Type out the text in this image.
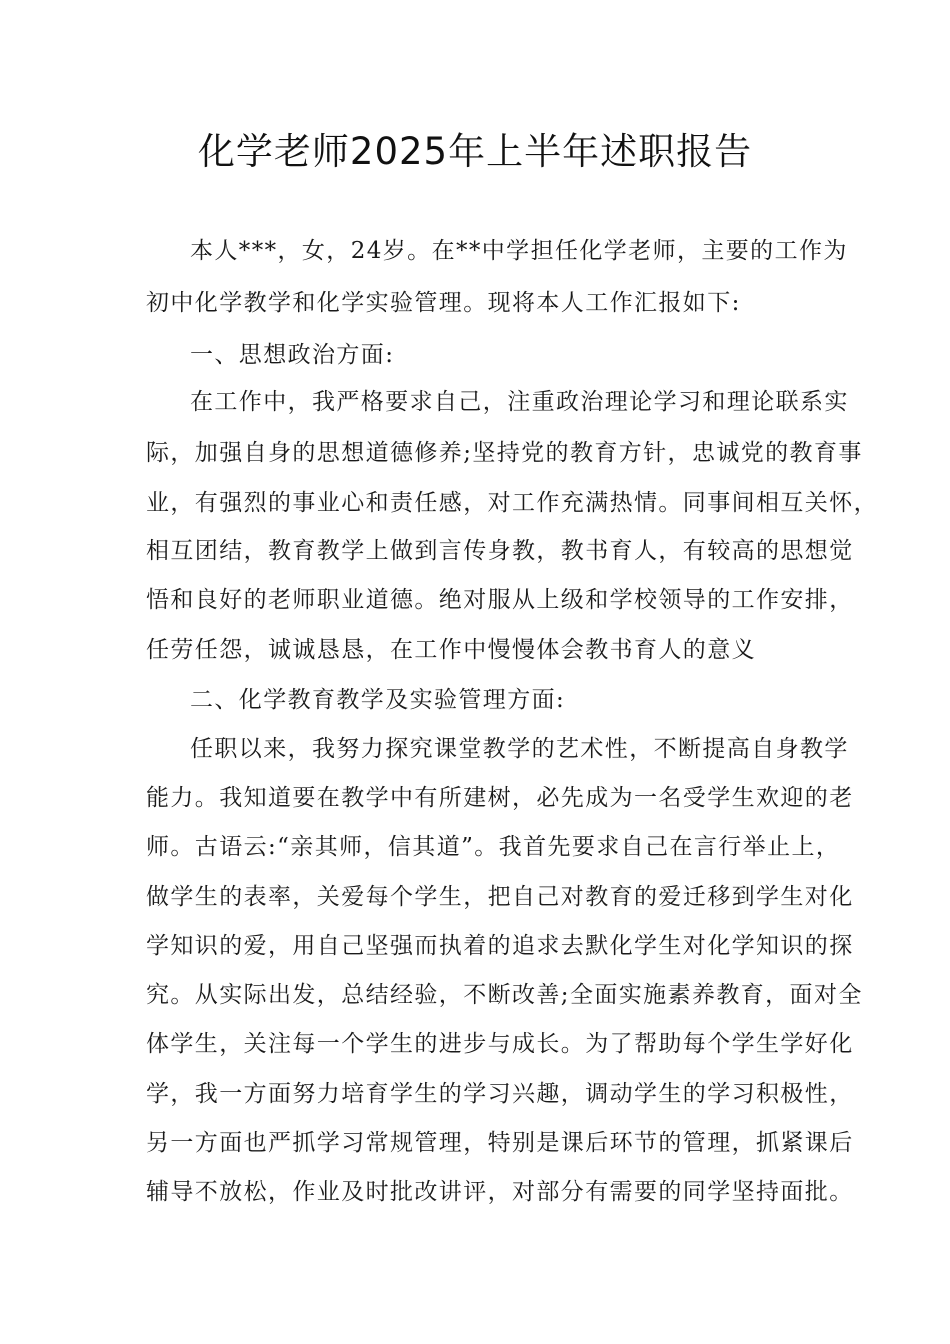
化学老师2025年上半年述职报告
本人***，女，24岁。在**中学担任化学老师，主要的工作为
初中化学教学和化学实验管理。现将本人工作汇报如下:
一、思想政治方面:
在工作中，我严格要求自己，注重政治理论学习和理论联系实
际，加强自身的思想道德修养;坚持党的教育方针，忠诚党的教育事
业，有强烈的事业心和责任感，对工作充满热情。同事间相互关怀，
相互团结，教育教学上做到言传身教，教书育人，有较高的思想觉
悟和良好的老师职业道德。绝对服从上级和学校领导的工作安排，
任劳任怨，诚诚恳恳，在工作中慢慢体会教书育人的意义
二、化学教育教学及实验管理方面:
任职以来，我努力探究课堂教学的艺术性，不断提高自身教学
能力。我知道要在教学中有所建树，必先成为一名受学生欢迎的老
师。古语云:“亲其师，信其道”。我首先要求自己在言行举止上，
做学生的表率，关爱每个学生，把自己对教育的爱迁移到学生对化
学知识的爱，用自己坚强而执着的追求去默化学生对化学知识的探
究。从实际出发，总结经验，不断改善;全面实施素养教育，面对全
体学生，关注每一个学生的进步与成长。为了帮助每个学生学好化
学，我一方面努力培育学生的学习兴趣，调动学生的学习积极性，
另一方面也严抓学习常规管理，特别是课后环节的管理，抓紧课后
辅导不放松，作业及时批改讲评，对部分有需要的同学坚持面批。
